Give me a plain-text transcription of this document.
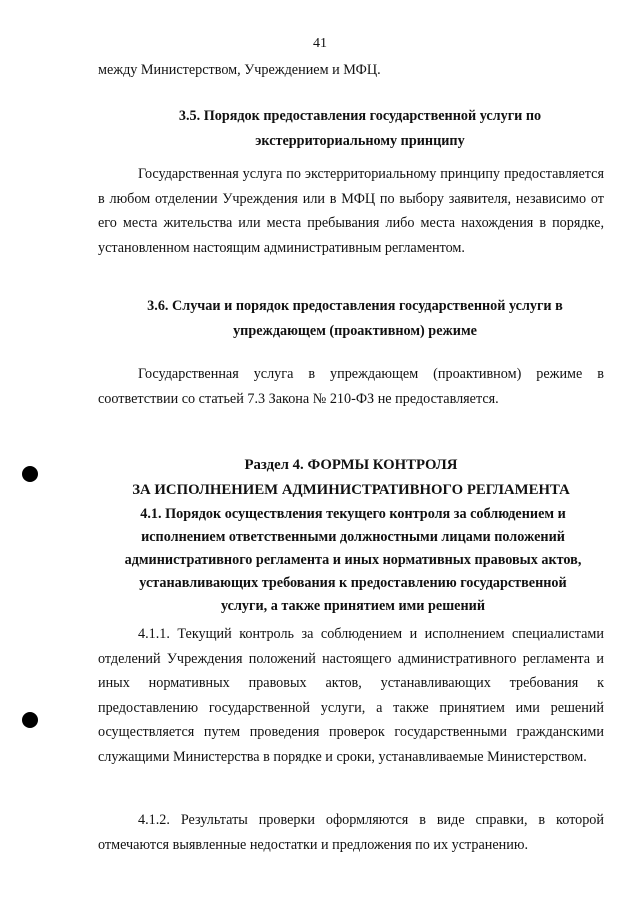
41
между Министерством, Учреждением и МФЦ.
3.5. Порядок предоставления государственной услуги по
экстерриториальному принципу
Государственная услуга по экстерриториальному принципу предоставляется в любом отделении Учреждения или в МФЦ по выбору заявителя, независимо от его места жительства или места пребывания либо места нахождения в порядке, установленном настоящим административным регламентом.
3.6. Случаи и порядок предоставления государственной услуги в
упреждающем (проактивном) режиме
Государственная услуга в упреждающем (проактивном) режиме в соответствии со статьей 7.3 Закона № 210-ФЗ не предоставляется.
Раздел 4. ФОРМЫ КОНТРОЛЯ
ЗА ИСПОЛНЕНИЕМ АДМИНИСТРАТИВНОГО РЕГЛАМЕНТА
4.1. Порядок осуществления текущего контроля за соблюдением и
исполнением ответственными должностными лицами положений
административного регламента и иных нормативных правовых актов,
устанавливающих требования к предоставлению государственной
услуги, а также принятием ими решений
4.1.1. Текущий контроль за соблюдением и исполнением специалистами отделений Учреждения положений настоящего административного регламента и иных нормативных правовых актов, устанавливающих требования к предоставлению государственной услуги, а также принятием ими решений осуществляется путем проведения проверок государственными гражданскими служащими Министерства в порядке и сроки, устанавливаемые Министерством.
4.1.2. Результаты проверки оформляются в виде справки, в которой отмечаются выявленные недостатки и предложения по их устранению.
